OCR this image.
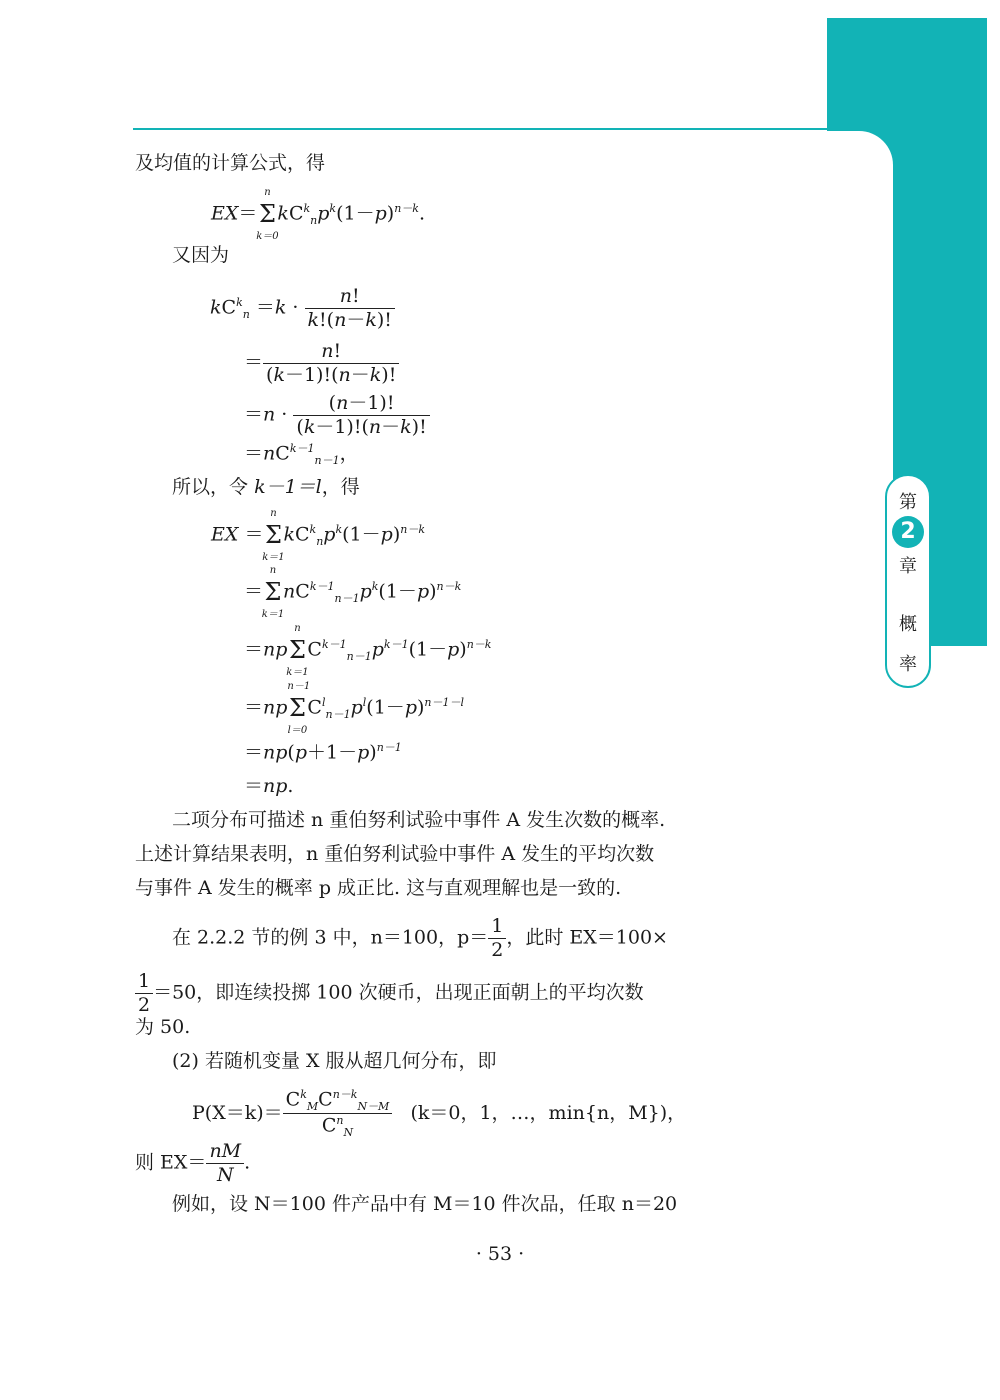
第
2
章
概
率
及均值的计算公式，得
EX＝
n
Σ
k＝0
$kC^k_np^k(1-p)^{n-k}$.
又因为
$kC^k_n =k \cdot \frac{n!}{k!(n-k)!}$
＝ $\frac{n!}{(k-1)!(n-k)!}$
$=n \cdot \frac{(n-1)!}{(k-1)!(n-k)!}$
$=nC^{k-1}_{n-1}$，
所以，令 k－1＝l，得
EX ＝
n
Σ
k＝1
$kC^k_np^k(1-p)^{n-k}$
＝
n
Σ
k＝1
$nC^{k-1}_{n-1}p^k(1-p)^{n-k}$
＝np
n
Σ
k＝1
$C^{k-1}_{n-1}p^{k-1}(1-p)^{n-k}$
＝np
n－1
Σ
l＝0
$C^l_{n-1}p^l(1-p)^{n-1-l}$
$=np(p+1-p)^{n-1}$
＝np.
二项分布可描述 n 重伯努利试验中事件 A 发生次数的概率.
上述计算结果表明，n 重伯努利试验中事件 A 发生的平均次数
与事件 A 发生的概率 p 成正比. 这与直观理解也是一致的.
在 2.2.2 节的例 3 中，n＝100，$p= \frac{1}{2}$ ，此时 EX＝100×
$\frac{1}{2} =50$，即连续投掷 100 次硬币，出现正面朝上的平均次数
为 50.
(2) 若随机变量 X 服从超几何分布，即
$P(X=k)= \frac{C^k_MC^{n-k}_{N-M}}{C^n_N} (k=0$，1，…，min{n，M})，
则 $EX= \frac{nM}{N}$ .
例如，设 N＝100 件产品中有 M＝10 件次品，任取 n＝20
· 53 ·
